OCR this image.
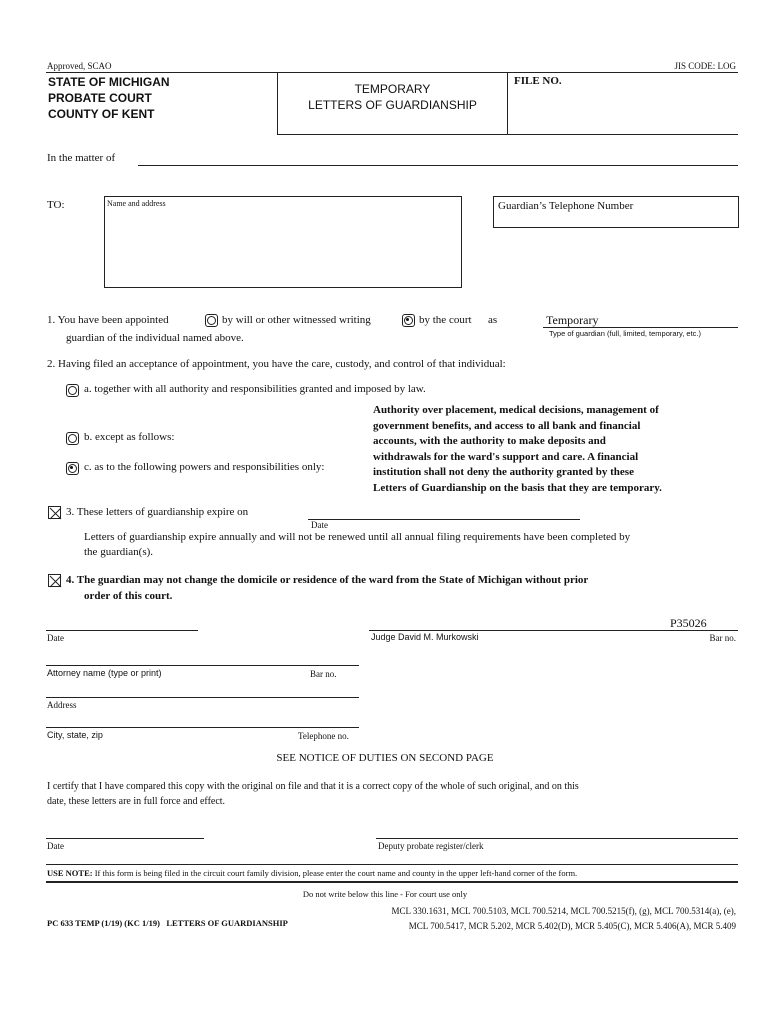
Approved, SCAO	JIS CODE: LOG
STATE OF MICHIGAN
PROBATE COURT
COUNTY OF KENT
TEMPORARY
LETTERS OF GUARDIANSHIP
FILE NO.
In the matter of
TO:	Name and address	Guardian’s Telephone Number
1. You have been appointed	by will or other witnessed writing	by the court as	Temporary
Type of guardian (full, limited, temporary, etc.)
guardian of the individual named above.
2. Having filed an acceptance of appointment, you have the care, custody, and control of that individual:
a. together with all authority and responsibilities granted and imposed by law.
b. except as follows:
c. as to the following powers and responsibilities only:
Authority over placement, medical decisions, management of
government benefits, and access to all bank and financial
accounts, with the authority to make deposits and
withdrawals for the ward's support and care. A financial
institution shall not deny the authority granted by these
Letters of Guardianship on the basis that they are temporary.
3. These letters of guardianship expire on
Date
Letters of guardianship expire annually and will not be renewed until all annual filing requirements have been completed by
the guardian(s).
4. The guardian may not change the domicile or residence of the ward from the State of Michigan without prior
order of this court.
P35026
Date	Judge David M. Murkowski	Bar no.
Attorney name (type or print)	Bar no.
Address
City, state, zip	Telephone no.
SEE NOTICE OF DUTIES ON SECOND PAGE
I certify that I have compared this copy with the original on file and that it is a correct copy of the whole of such original, and on this
date, these letters are in full force and effect.
Date	Deputy probate register/clerk
USE NOTE: If this form is being filed in the circuit court family division, please enter the court name and county in the upper left-hand corner of the form.
Do not write below this line - For court use only
PC 633 TEMP (1/19) (KC 1/19) LETTERS OF GUARDIANSHIP
MCL 330.1631, MCL 700.5103, MCL 700.5214, MCL 700.5215(f), (g), MCL 700.5314(a), (e),
MCL 700.5417, MCR 5.202, MCR 5.402(D), MCR 5.405(C), MCR 5.406(A), MCR 5.409
